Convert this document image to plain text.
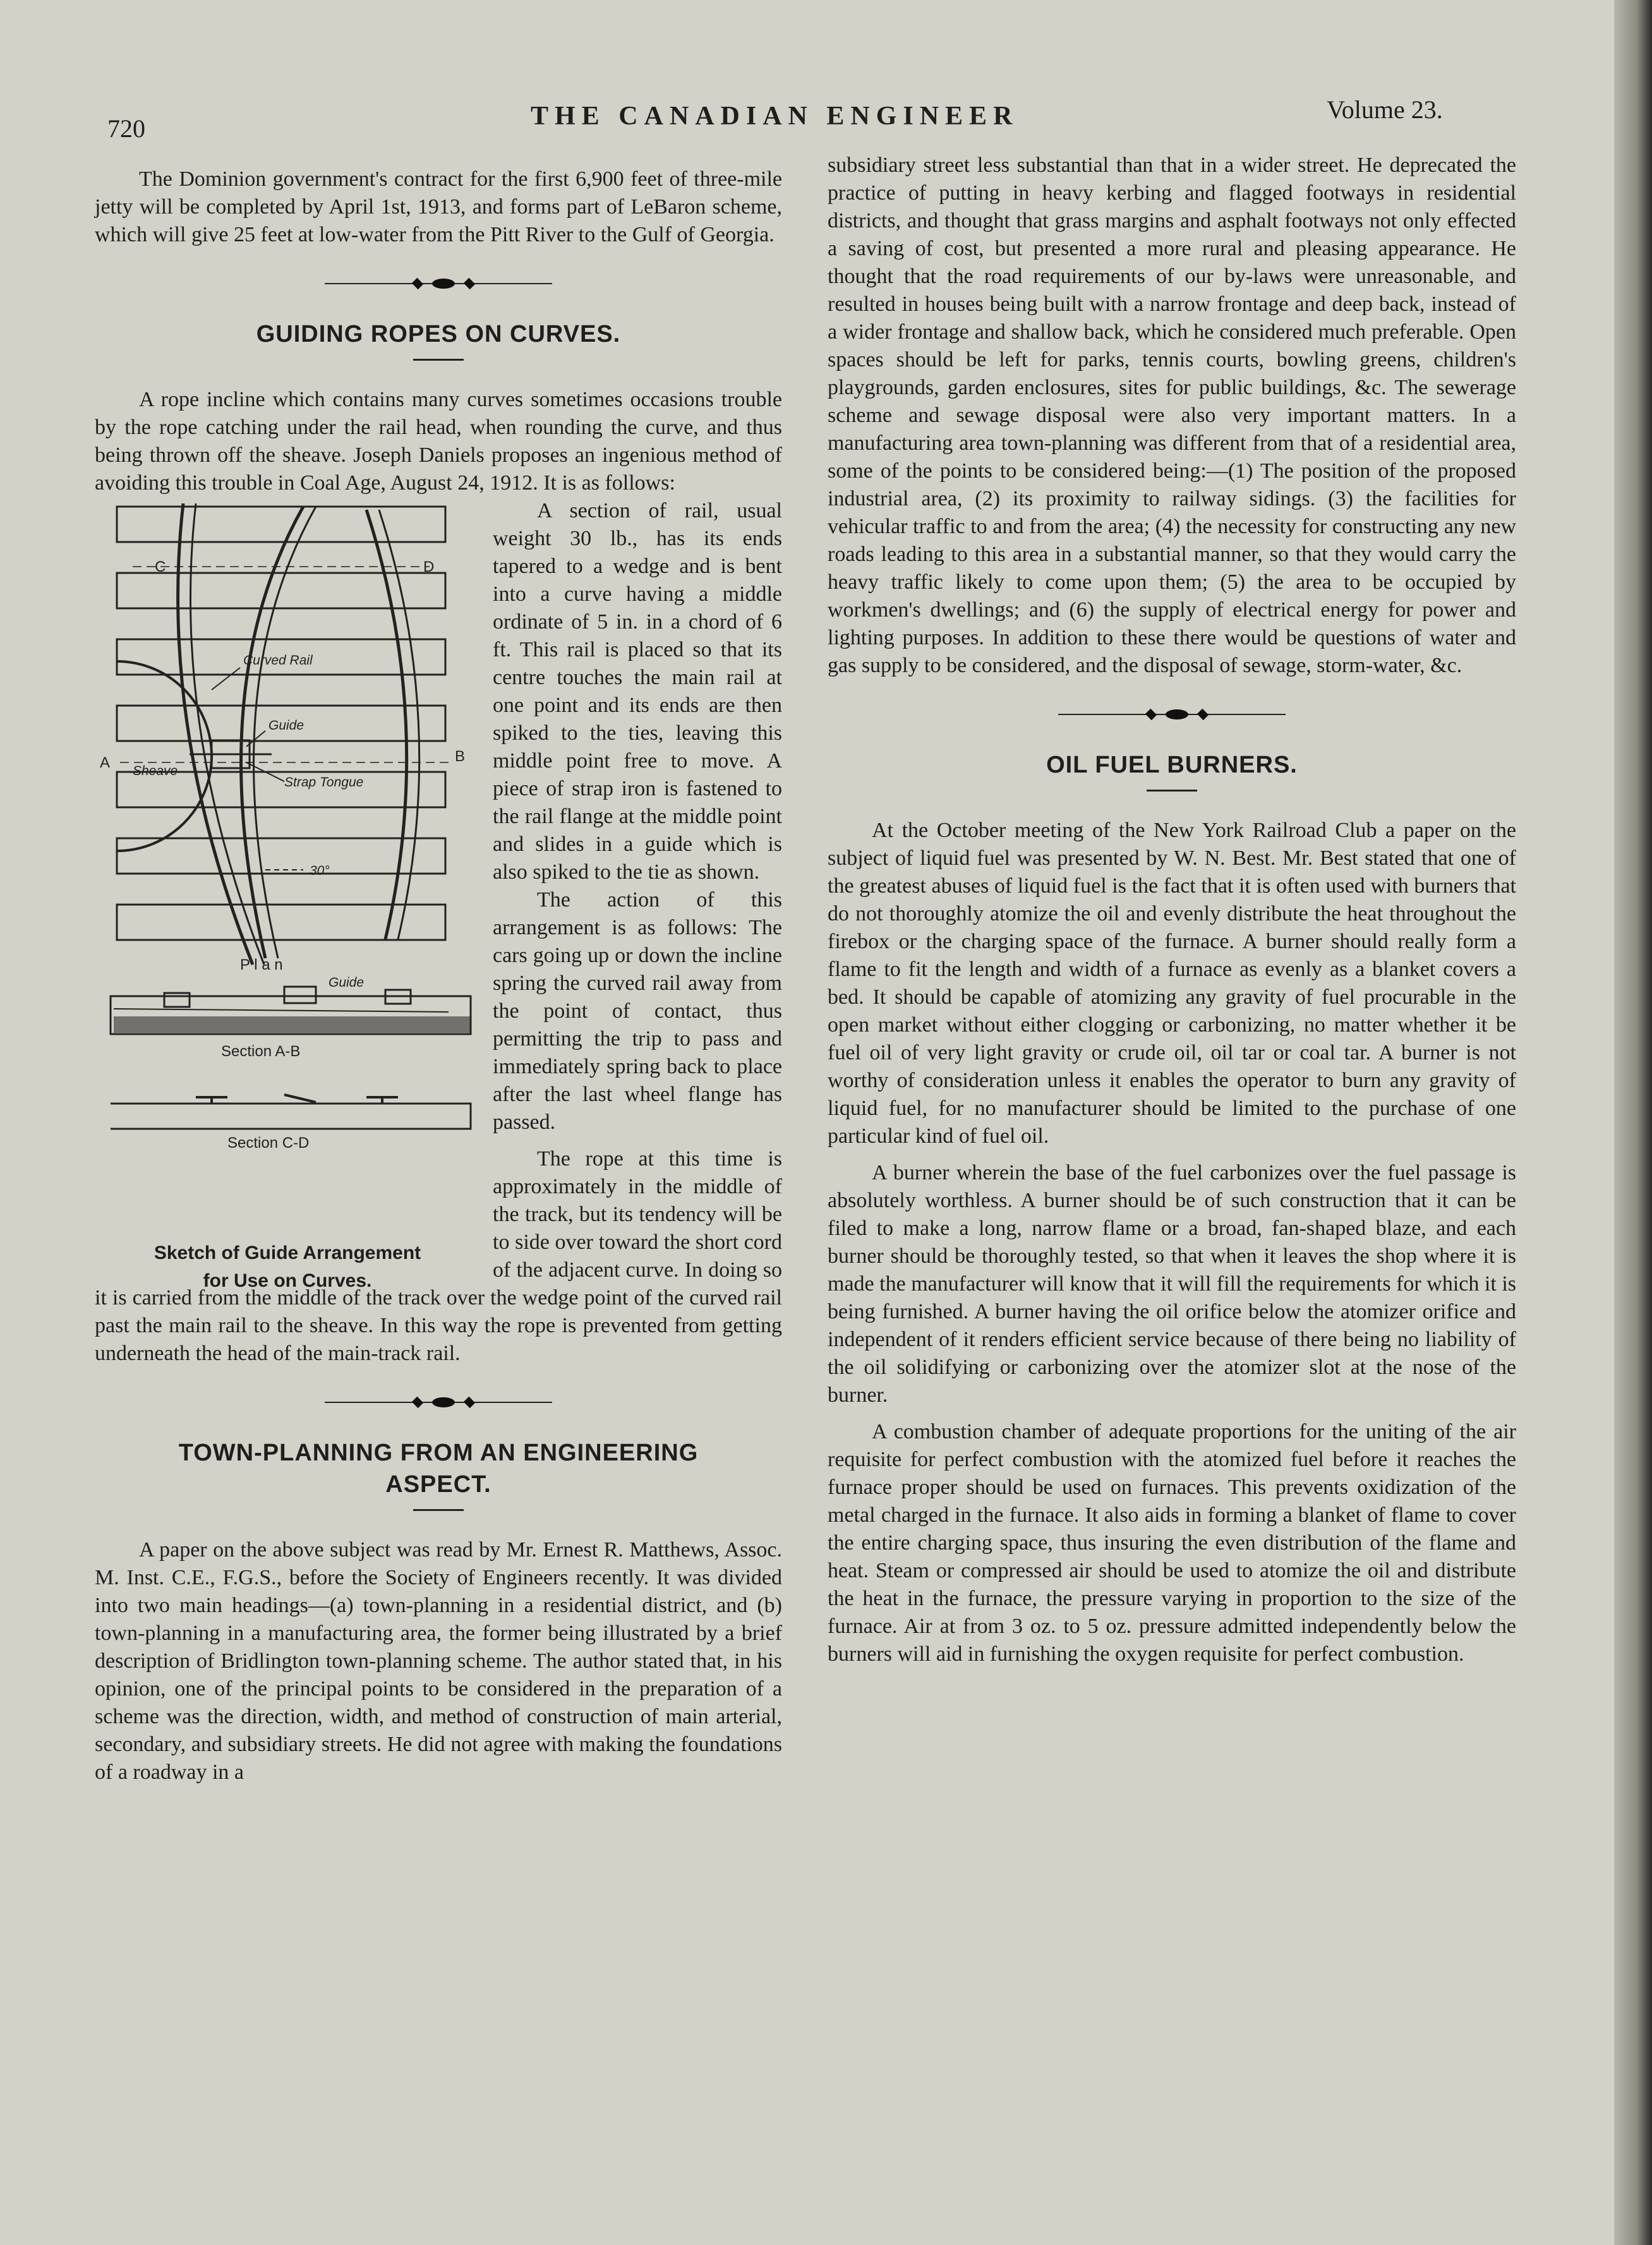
720	THE CANADIAN ENGINEER	Volume 23.

The Dominion government's contract for the first 6,900 feet of three-mile jetty will be completed by April 1st, 1913, and forms part of LeBaron scheme, which will give 25 feet at low-water from the Pitt River to the Gulf of Georgia.

GUIDING ROPES ON CURVES.

A rope incline which contains many curves sometimes occasions trouble by the rope catching under the rail head, when rounding the curve, and thus being thrown off the sheave. Joseph Daniels proposes an ingenious method of avoiding this trouble in Coal Age, August 24, 1912. It is as follows:

Curved Rail
Guide
Strap Tongue
Sheave
30°
Guide
A	B
C	D
P l a n
Section A-B
Section C-D
Sketch of Guide Arrangement
for Use on Curves.

A section of rail, usual weight 30 lb., has its ends tapered to a wedge and is bent into a curve having a middle ordinate of 5 in. in a chord of 6 ft. This rail is placed so that its centre touches the main rail at one point and its ends are then spiked to the ties, leaving this middle point free to move. A piece of strap iron is fastened to the rail flange at the middle point and slides in a guide which is also spiked to the tie as shown.

The action of this arrangement is as follows: The cars going up or down the incline spring the curved rail away from the point of contact, thus permitting the trip to pass and immediately spring back to place after the last wheel flange has passed.

The rope at this time is approximately in the middle of the track, but its tendency will be to side over toward the short cord of the adjacent curve. In doing so it is carried from the middle of the track over the wedge point of the curved rail past the main rail to the sheave. In this way the rope is prevented from getting underneath the head of the main-track rail.

TOWN-PLANNING FROM AN ENGINEERING
ASPECT.

A paper on the above subject was read by Mr. Ernest R. Matthews, Assoc. M. Inst. C.E., F.G.S., before the Society of Engineers recently. It was divided into two main headings—(a) town-planning in a residential district, and (b) town-planning in a manufacturing area, the former being illustrated by a brief description of Bridlington town-planning scheme. The author stated that, in his opinion, one of the principal points to be considered in the preparation of a scheme was the direction, width, and method of construction of main arterial, secondary, and subsidiary streets. He did not agree with making the foundations of a roadway in a

subsidiary street less substantial than that in a wider street. He deprecated the practice of putting in heavy kerbing and flagged footways in residential districts, and thought that grass margins and asphalt footways not only effected a saving of cost, but presented a more rural and pleasing appearance. He thought that the road requirements of our by-laws were unreasonable, and resulted in houses being built with a narrow frontage and deep back, instead of a wider frontage and shallow back, which he considered much preferable. Open spaces should be left for parks, tennis courts, bowling greens, children's playgrounds, garden enclosures, sites for public buildings, &c. The sewerage scheme and sewage disposal were also very important matters. In a manufacturing area town-planning was different from that of a residential area, some of the points to be considered being:—(1) The position of the proposed industrial area, (2) its proximity to railway sidings. (3) the facilities for vehicular traffic to and from the area; (4) the necessity for constructing any new roads leading to this area in a substantial manner, so that they would carry the heavy traffic likely to come upon them; (5) the area to be occupied by workmen's dwellings; and (6) the supply of electrical energy for power and lighting purposes. In addition to these there would be questions of water and gas supply to be considered, and the disposal of sewage, storm-water, &c.

OIL FUEL BURNERS.

At the October meeting of the New York Railroad Club a paper on the subject of liquid fuel was presented by W. N. Best. Mr. Best stated that one of the greatest abuses of liquid fuel is the fact that it is often used with burners that do not thoroughly atomize the oil and evenly distribute the heat throughout the firebox or the charging space of the furnace. A burner should really form a flame to fit the length and width of a furnace as evenly as a blanket covers a bed. It should be capable of atomizing any gravity of fuel procurable in the open market without either clogging or carbonizing, no matter whether it be fuel oil of very light gravity or crude oil, oil tar or coal tar. A burner is not worthy of consideration unless it enables the operator to burn any gravity of liquid fuel, for no manufacturer should be limited to the purchase of one particular kind of fuel oil.

A burner wherein the base of the fuel carbonizes over the fuel passage is absolutely worthless. A burner should be of such construction that it can be filed to make a long, narrow flame or a broad, fan-shaped blaze, and each burner should be thoroughly tested, so that when it leaves the shop where it is made the manufacturer will know that it will fill the requirements for which it is being furnished. A burner having the oil orifice below the atomizer orifice and independent of it renders efficient service because of there being no liability of the oil solidifying or carbonizing over the atomizer slot at the nose of the burner.

A combustion chamber of adequate proportions for the uniting of the air requisite for perfect combustion with the atomized fuel before it reaches the furnace proper should be used on furnaces. This prevents oxidization of the metal charged in the furnace. It also aids in forming a blanket of flame to cover the entire charging space, thus insuring the even distribution of the flame and heat. Steam or compressed air should be used to atomize the oil and distribute the heat in the furnace, the pressure varying in proportion to the size of the furnace. Air at from 3 oz. to 5 oz. pressure admitted independently below the burners will aid in furnishing the oxygen requisite for perfect combustion.
